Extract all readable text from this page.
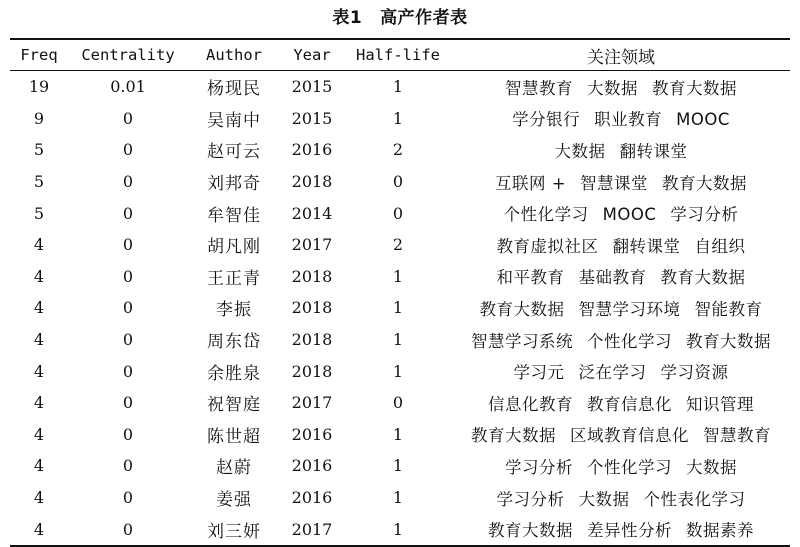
表1 高产作者表
Freq	Centrality	Author	Year	Half-life	关注领域
19	0.01	杨现民	2015	1	智慧教育 大数据 教育大数据
9	0	吴南中	2015	1	学分银行 职业教育 MOOC
5	0	赵可云	2016	2	大数据 翻转课堂
5	0	刘邦奇	2018	0	互联网 + 智慧课堂 教育大数据
5	0	牟智佳	2014	0	个性化学习 MOOC 学习分析
4	0	胡凡刚	2017	2	教育虚拟社区 翻转课堂 自组织
4	0	王正青	2018	1	和平教育 基础教育 教育大数据
4	0	李振	2018	1	教育大数据 智慧学习环境 智能教育
4	0	周东岱	2018	1	智慧学习系统 个性化学习 教育大数据
4	0	余胜泉	2018	1	学习元 泛在学习 学习资源
4	0	祝智庭	2017	0	信息化教育 教育信息化 知识管理
4	0	陈世超	2016	1	教育大数据 区域教育信息化 智慧教育
4	0	赵蔚	2016	1	学习分析 个性化学习 大数据
4	0	姜强	2016	1	学习分析 大数据 个性表化学习
4	0	刘三妍	2017	1	教育大数据 差异性分析 数据素养
